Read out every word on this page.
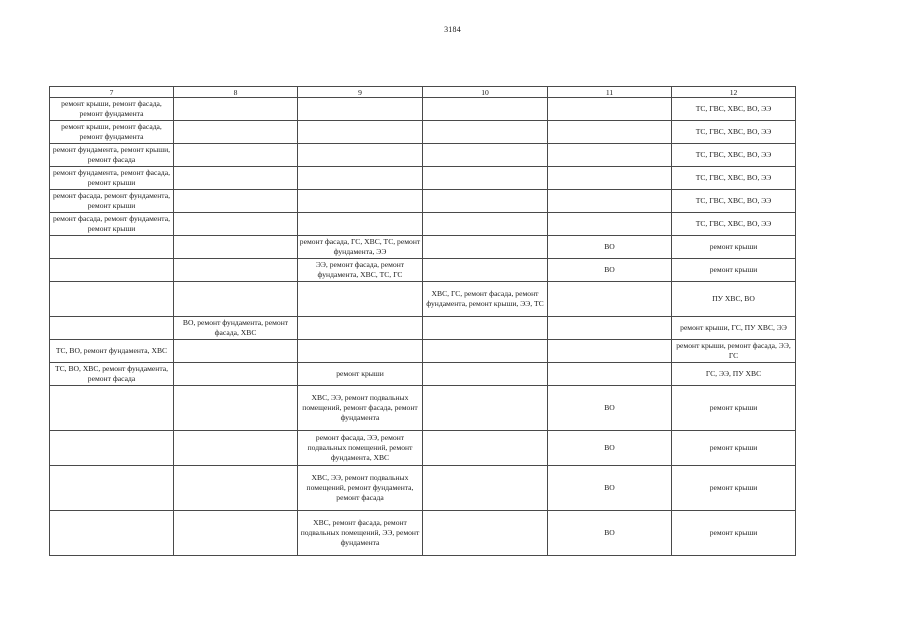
3184
7	8	9	10	11	12
ремонт крыши, ремонт фасада, ремонт фундамента					ТС, ГВС, ХВС, ВО, ЭЭ
ремонт крыши, ремонт фасада, ремонт фундамента					ТС, ГВС, ХВС, ВО, ЭЭ
ремонт фундамента, ремонт крыши, ремонт фасада					ТС, ГВС, ХВС, ВО, ЭЭ
ремонт фундамента, ремонт фасада, ремонт крыши					ТС, ГВС, ХВС, ВО, ЭЭ
ремонт фасада, ремонт фундамента, ремонт крыши					ТС, ГВС, ХВС, ВО, ЭЭ
ремонт фасада, ремонт фундамента, ремонт крыши					ТС, ГВС, ХВС, ВО, ЭЭ
		ремонт фасада, ГС, ХВС, ТС, ремонт фундамента, ЭЭ		ВО	ремонт крыши
		ЭЭ, ремонт фасада, ремонт фундамента, ХВС, ТС, ГС		ВО	ремонт крыши
			ХВС, ГС, ремонт фасада, ремонт фундамента, ремонт крыши, ЭЭ, ТС		ПУ ХВС, ВО
	ВО, ремонт фундамента, ремонт фасада, ХВС				ремонт крыши, ГС, ПУ ХВС, ЭЭ
ТС, ВО, ремонт фундамента, ХВС					ремонт крыши, ремонт фасада, ЭЭ, ГС
ТС, ВО, ХВС, ремонт фундамента, ремонт фасада		ремонт крыши			ГС, ЭЭ, ПУ ХВС
		ХВС, ЭЭ, ремонт подвальных помещений, ремонт фасада, ремонт фундамента		ВО	ремонт крыши
		ремонт фасада, ЭЭ, ремонт подвальных помещений, ремонт фундамента, ХВС		ВО	ремонт крыши
		ХВС, ЭЭ, ремонт подвальных помещений, ремонт фундамента, ремонт фасада		ВО	ремонт крыши
		ХВС, ремонт фасада, ремонт подвальных помещений, ЭЭ, ремонт фундамента		ВО	ремонт крыши
